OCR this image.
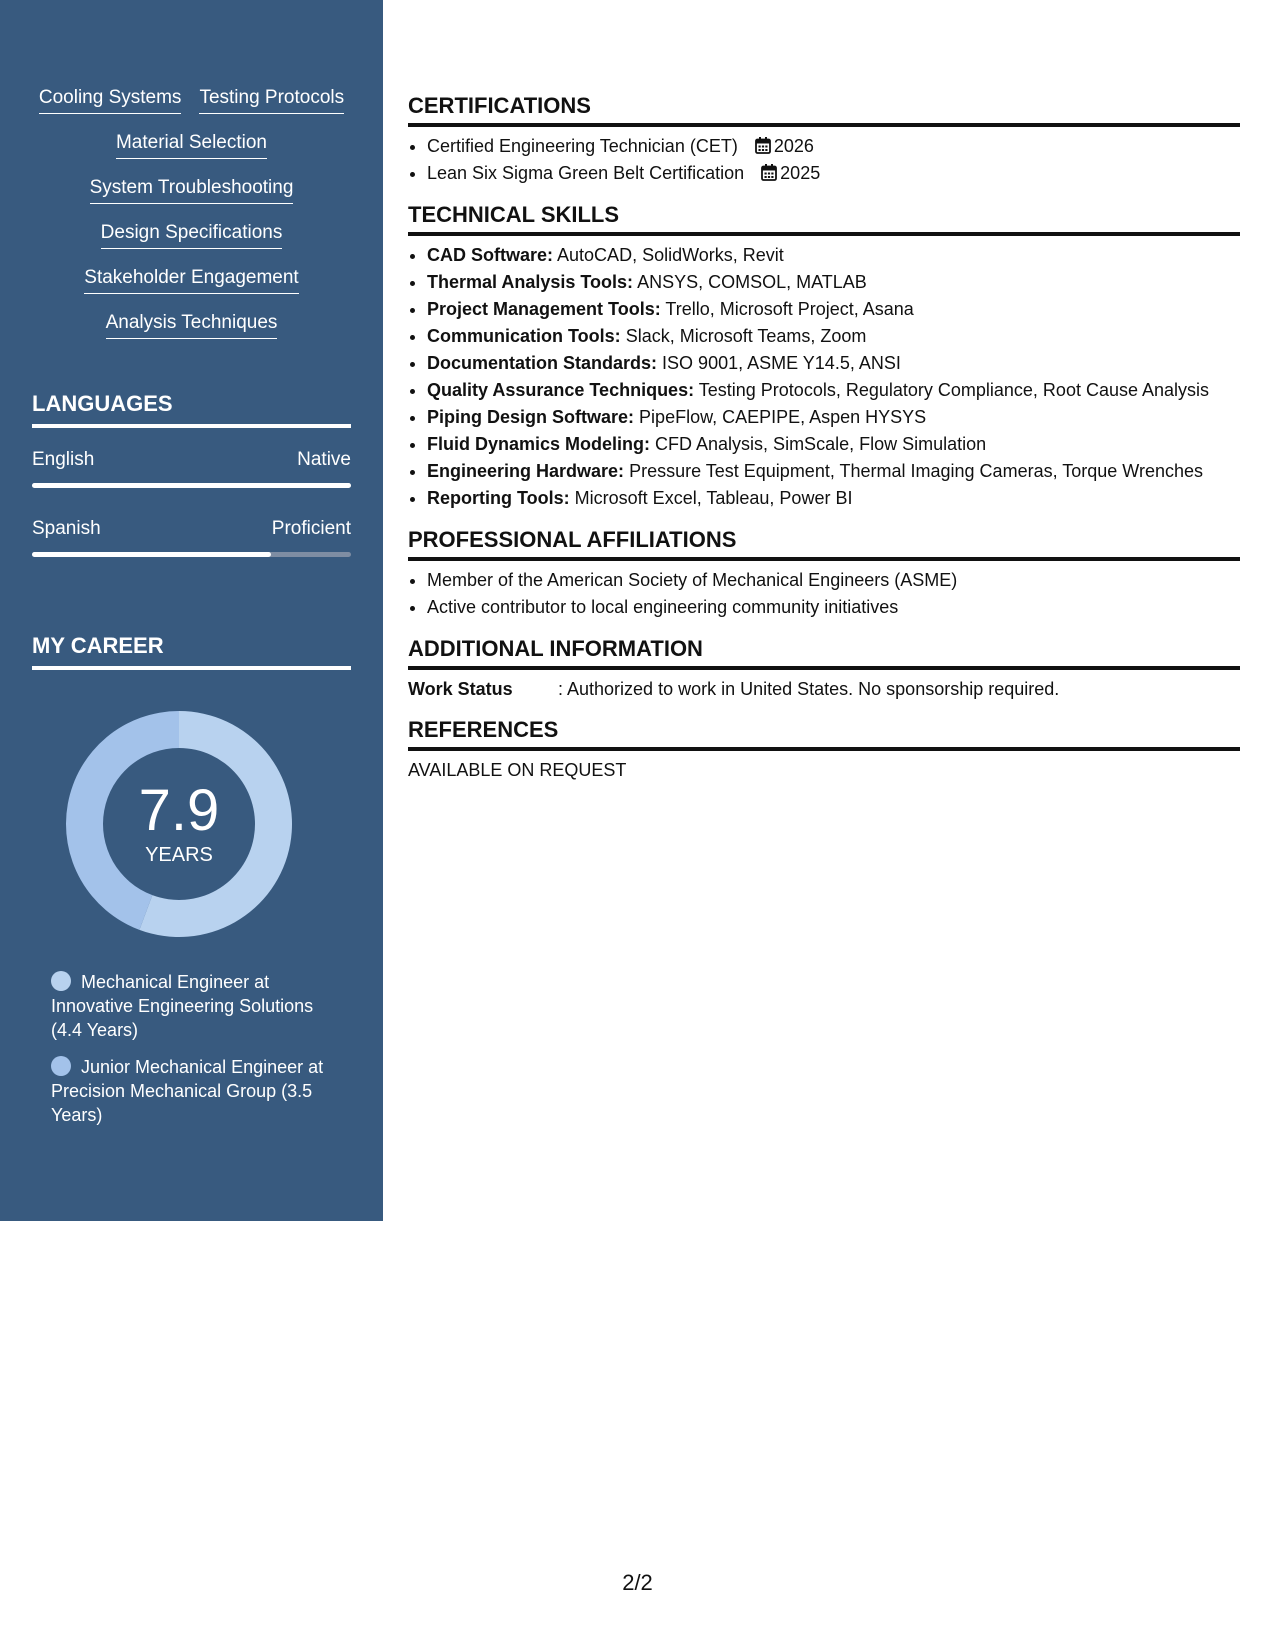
Cooling Systems Testing Protocols
Material Selection
System Troubleshooting
Design Specifications
Stakeholder Engagement
Analysis Techniques
LANGUAGES
English	Native
Spanish	Proficient
MY CAREER
7.9
YEARS
Mechanical Engineer at Innovative Engineering Solutions (4.4 Years)
Junior Mechanical Engineer at Precision Mechanical Group (3.5 Years)
CERTIFICATIONS
• Certified Engineering Technician (CET) 2026
• Lean Six Sigma Green Belt Certification 2025
TECHNICAL SKILLS
• CAD Software: AutoCAD, SolidWorks, Revit
• Thermal Analysis Tools: ANSYS, COMSOL, MATLAB
• Project Management Tools: Trello, Microsoft Project, Asana
• Communication Tools: Slack, Microsoft Teams, Zoom
• Documentation Standards: ISO 9001, ASME Y14.5, ANSI
• Quality Assurance Techniques: Testing Protocols, Regulatory Compliance, Root Cause Analysis
• Piping Design Software: PipeFlow, CAEPIPE, Aspen HYSYS
• Fluid Dynamics Modeling: CFD Analysis, SimScale, Flow Simulation
• Engineering Hardware: Pressure Test Equipment, Thermal Imaging Cameras, Torque Wrenches
• Reporting Tools: Microsoft Excel, Tableau, Power BI
PROFESSIONAL AFFILIATIONS
• Member of the American Society of Mechanical Engineers (ASME)
• Active contributor to local engineering community initiatives
ADDITIONAL INFORMATION
Work Status	: Authorized to work in United States. No sponsorship required.
REFERENCES
AVAILABLE ON REQUEST
2/2
